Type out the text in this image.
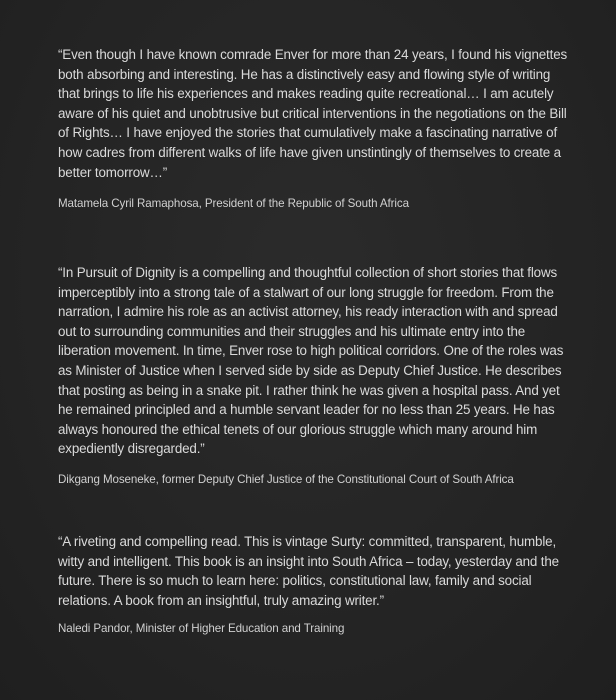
“Even though I have known comrade Enver for more than 24 years, I found his vignettes both absorbing and interesting. He has a distinctively easy and flowing style of writing that brings to life his experiences and makes reading quite recreational… I am acutely aware of his quiet and unobtrusive but critical interventions in the negotiations on the Bill of Rights… I have enjoyed the stories that cumulatively make a fascinating narrative of how cadres from different walks of life have given unstintingly of themselves to create a better tomorrow…”

Matamela Cyril Ramaphosa, President of the Republic of South Africa

“In Pursuit of Dignity is a compelling and thoughtful collection of short stories that flows imperceptibly into a strong tale of a stalwart of our long struggle for freedom. From the narration, I admire his role as an activist attorney, his ready interaction with and spread out to surrounding communities and their struggles and his ultimate entry into the liberation movement. In time, Enver rose to high political corridors. One of the roles was as Minister of Justice when I served side by side as Deputy Chief Justice. He describes that posting as being in a snake pit. I rather think he was given a hospital pass. And yet he remained principled and a humble servant leader for no less than 25 years. He has always honoured the ethical tenets of our glorious struggle which many around him expediently disregarded.”

Dikgang Moseneke, former Deputy Chief Justice of the Constitutional Court of South Africa

“A riveting and compelling read. This is vintage Surty: committed, transparent, humble, witty and intelligent. This book is an insight into South Africa – today, yesterday and the future. There is so much to learn here: politics, constitutional law, family and social relations. A book from an insightful, truly amazing writer.”

Naledi Pandor, Minister of Higher Education and Training
